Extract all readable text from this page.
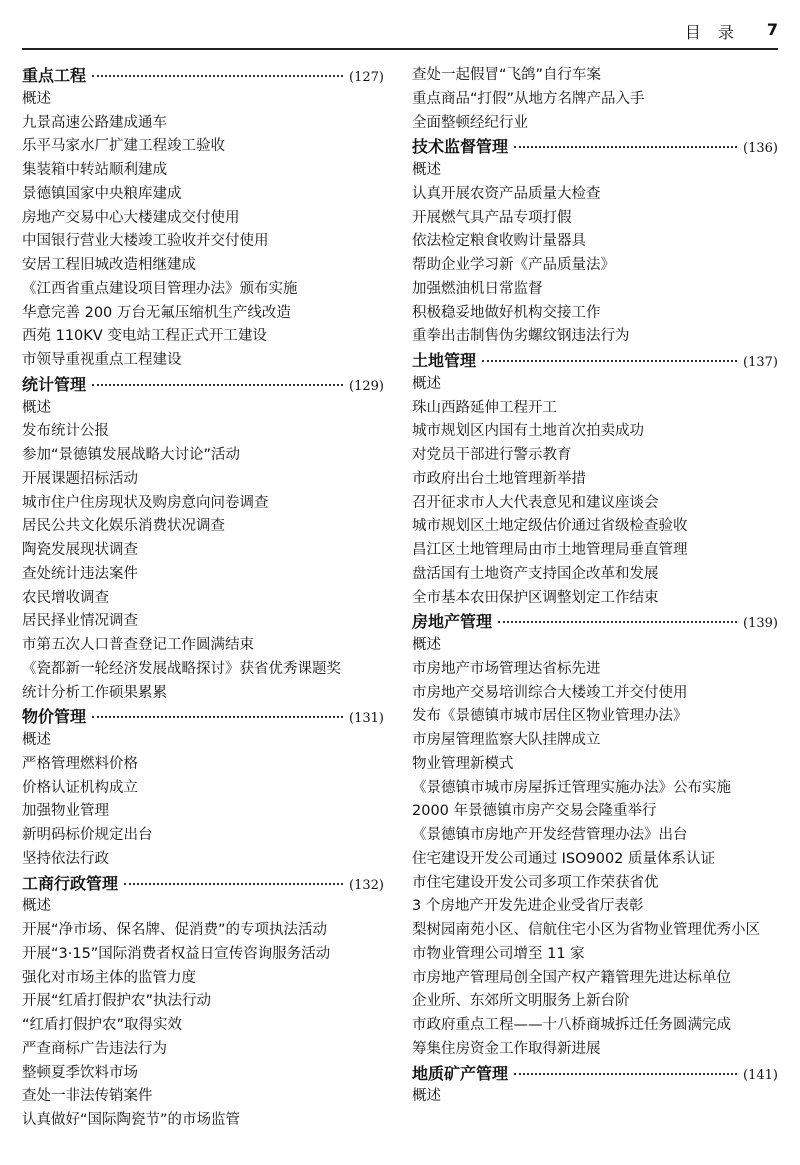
目 录 7
重点工程	(127)
概述
九景高速公路建成通车
乐平马家水厂扩建工程竣工验收
集装箱中转站顺利建成
景德镇国家中央粮库建成
房地产交易中心大楼建成交付使用
中国银行营业大楼竣工验收并交付使用
安居工程旧城改造相继建成
《江西省重点建设项目管理办法》颁布实施
华意完善 200 万台无氟压缩机生产线改造
西苑 110KV 变电站工程正式开工建设
市领导重视重点工程建设
统计管理	(129)
概述
发布统计公报
参加“景德镇发展战略大讨论”活动
开展课题招标活动
城市住户住房现状及购房意向问卷调查
居民公共文化娱乐消费状况调查
陶瓷发展现状调查
查处统计违法案件
农民增收调查
居民择业情况调查
市第五次人口普查登记工作圆满结束
《瓷都新一轮经济发展战略探讨》获省优秀课题奖
统计分析工作硕果累累
物价管理	(131)
概述
严格管理燃料价格
价格认证机构成立
加强物业管理
新明码标价规定出台
坚持依法行政
工商行政管理	(132)
概述
开展“净市场、保名牌、促消费”的专项执法活动
开展“3·15”国际消费者权益日宣传咨询服务活动
强化对市场主体的监管力度
开展“红盾打假护农”执法行动
“红盾打假护农”取得实效
严查商标广告违法行为
整顿夏季饮料市场
查处一非法传销案件
认真做好“国际陶瓷节”的市场监管
查处一起假冒“飞鸽”自行车案
重点商品“打假”从地方名牌产品入手
全面整顿经纪行业
技术监督管理	(136)
概述
认真开展农资产品质量大检查
开展燃气具产品专项打假
依法检定粮食收购计量器具
帮助企业学习新《产品质量法》
加强燃油机日常监督
积极稳妥地做好机构交接工作
重拳出击制售伪劣螺纹钢违法行为
土地管理	(137)
概述
珠山西路延伸工程开工
城市规划区内国有土地首次拍卖成功
对党员干部进行警示教育
市政府出台土地管理新举措
召开征求市人大代表意见和建议座谈会
城市规划区土地定级估价通过省级检查验收
昌江区土地管理局由市土地管理局垂直管理
盘活国有土地资产支持国企改革和发展
全市基本农田保护区调整划定工作结束
房地产管理	(139)
概述
市房地产市场管理达省标先进
市房地产交易培训综合大楼竣工并交付使用
发布《景德镇市城市居住区物业管理办法》
市房屋管理监察大队挂牌成立
物业管理新模式
《景德镇市城市房屋拆迁管理实施办法》公布实施
2000 年景德镇市房产交易会隆重举行
《景德镇市房地产开发经营管理办法》出台
住宅建设开发公司通过 ISO9002 质量体系认证
市住宅建设开发公司多项工作荣获省优
3 个房地产开发先进企业受省厅表彰
梨树园南苑小区、信航住宅小区为省物业管理优秀小区
市物业管理公司增至 11 家
市房地产管理局创全国产权产籍管理先进达标单位
企业所、东郊所文明服务上新台阶
市政府重点工程——十八桥商城拆迁任务圆满完成
筹集住房资金工作取得新进展
地质矿产管理	(141)
概述
